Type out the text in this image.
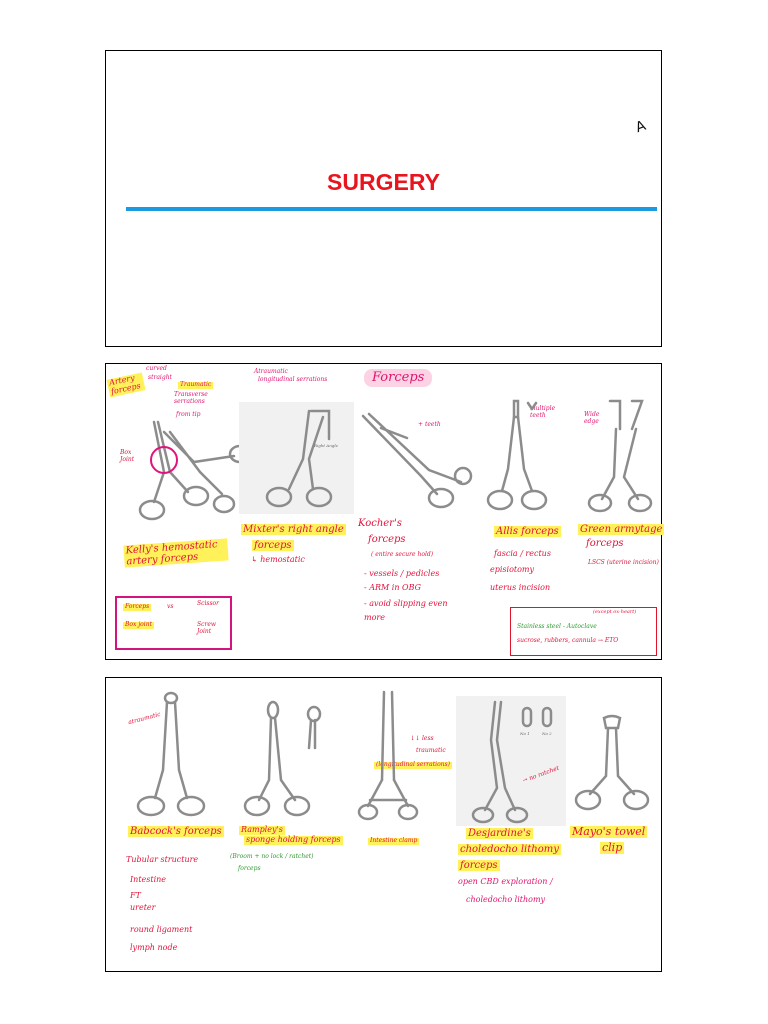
A
SURGERY
Forceps
Artery forceps
curved
straight
Traumatic
Transverse serrations
from tip
Box Joint
Kelly's hemostatic artery forceps
Forceps	vs	Scissor
Box joint	Screw Joint
Atraumatic
longitudinal serrations
Right Angle
Mixter's right angle
forceps
↳ hemostatic
+ teeth
Kocher's
forceps
( entire secure hold)
- vessels / pedicles
- ARM in OBG
- avoid slipping even
more
multiple teeth
Allis forceps
fascia / rectus
episiotomy
uterus incision
Wide edge
Green armytage
forceps
LSCS (uterine incision)
(except ox-heart)
Stainless steel - Autoclave
sucrose, rubbers, cannula → ETO
atraumatic
Babcock's forceps
Tubular structure
Intestine
FT
ureter
round ligament
lymph node
Rampley's
sponge holding forceps
(Broom + no lock / ratchet)
forceps
↓↓ less
traumatic
(longitudinal serrations)
Intestine clamp
No 1	No 2
→ no ratchet
Desjardine's
choledocho lithomy
forceps
open CBD exploration /
choledocho lithomy
Mayo's towel
clip
